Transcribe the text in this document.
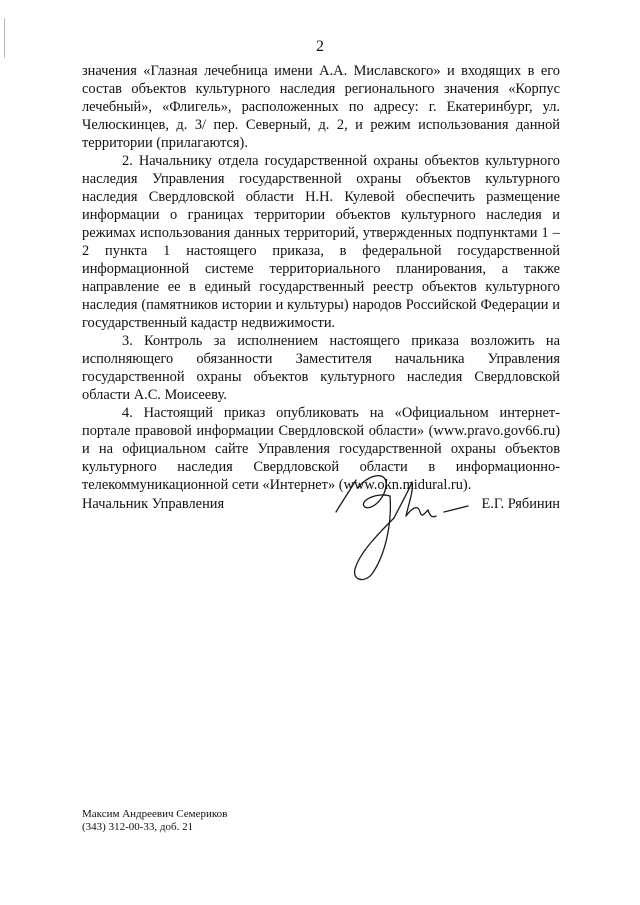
2

значения «Глазная лечебница имени А.А. Миславского» и входящих в его состав объектов культурного наследия регионального значения «Корпус лечебный», «Флигель», расположенных по адресу: г. Екатеринбург, ул. Челюскинцев, д. 3/ пер. Северный, д. 2, и режим использования данной территории (прилагаются).

2. Начальнику отдела государственной охраны объектов культурного наследия Управления государственной охраны объектов культурного наследия Свердловской области Н.Н. Кулевой обеспечить размещение информации о границах территории объектов культурного наследия и режимах использования данных территорий, утвержденных подпунктами 1 – 2 пункта 1 настоящего приказа, в федеральной государственной информационной системе территориального планирования, а также направление ее в единый государственный реестр объектов культурного наследия (памятников истории и культуры) народов Российской Федерации и государственный кадастр недвижимости.

3. Контроль за исполнением настоящего приказа возложить на исполняющего обязанности Заместителя начальника Управления государственной охраны объектов культурного наследия Свердловской области А.С. Моисееву.

4. Настоящий приказ опубликовать на «Официальном интернет-портале правовой информации Свердловской области» (www.pravo.gov66.ru) и на официальном сайте Управления государственной охраны объектов культурного наследия Свердловской области в информационно-телекоммуникационной сети «Интернет» (www.okn.midural.ru).

Начальник Управления	Е.Г. Рябинин
Максим Андреевич Семериков
(343) 312-00-33, доб. 21
